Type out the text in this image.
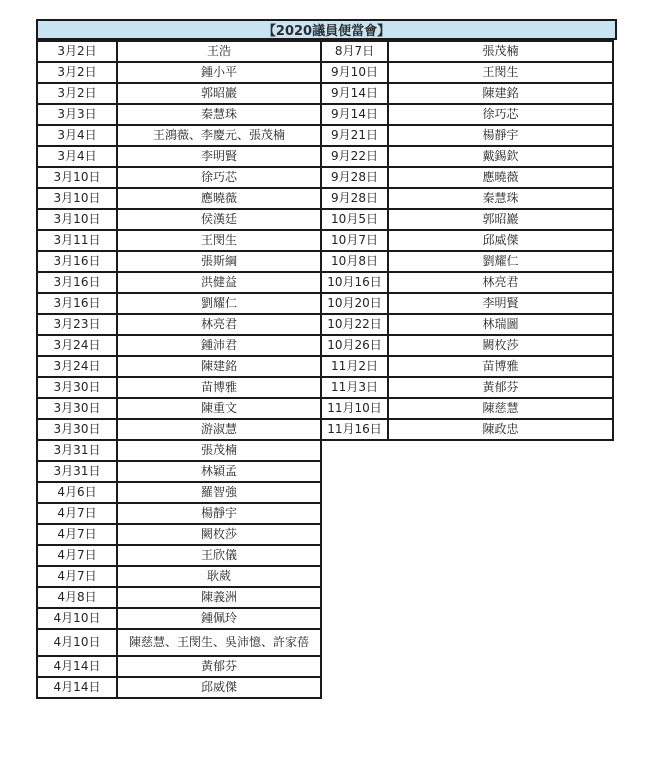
【2020議員便當會】
3月2日	王浩
3月2日	鍾小平
3月2日	郭昭巖
3月3日	秦慧珠
3月4日	王鴻薇、李慶元、張茂楠
3月4日	李明賢
3月10日	徐巧芯
3月10日	應曉薇
3月10日	侯漢廷
3月11日	王閔生
3月16日	張斯綱
3月16日	洪健益
3月16日	劉耀仁
3月23日	林亮君
3月24日	鍾沛君
3月24日	陳建銘
3月30日	苗博雅
3月30日	陳重文
3月30日	游淑慧
3月31日	張茂楠
3月31日	林穎孟
4月6日	羅智強
4月7日	楊靜宇
4月7日	闕枚莎
4月7日	王欣儀
4月7日	耿葳
4月8日	陳義洲
4月10日	鍾佩玲
4月10日	陳慈慧、王閔生、吳沛憶、許家蓓
4月14日	黃郁芬
4月14日	邱威傑
8月7日	張茂楠
9月10日	王閔生
9月14日	陳建銘
9月14日	徐巧芯
9月21日	楊靜宇
9月22日	戴錫欽
9月28日	應曉薇
9月28日	秦慧珠
10月5日	郭昭巖
10月7日	邱威傑
10月8日	劉耀仁
10月16日	林亮君
10月20日	李明賢
10月22日	林瑞圖
10月26日	闕枚莎
11月2日	苗博雅
11月3日	黃郁芬
11月10日	陳慈慧
11月16日	陳政忠
